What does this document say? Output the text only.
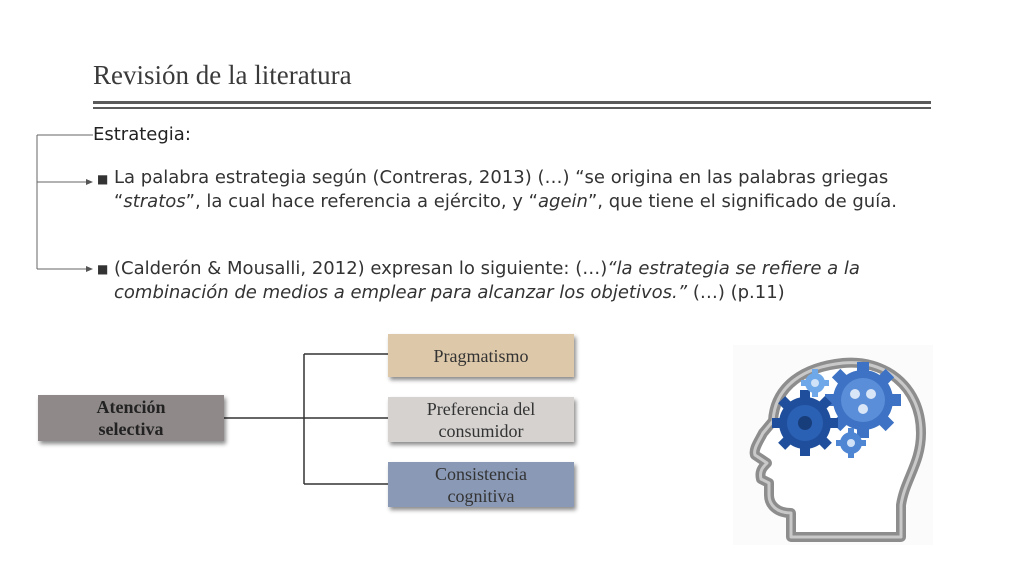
Revisión de la literatura
Estrategia:
■ La palabra estrategia según (Contreras, 2013) (…) “se origina en las palabras griegas “stratos”, la cual hace referencia a ejército, y “agein”, que tiene el significado de guía.
■ (Calderón & Mousalli, 2012) expresan lo siguiente: (…)“la estrategia se refiere a la combinación de medios a emplear para alcanzar los objetivos.” (…) (p.11)
Atención
selectiva
Pragmatismo
Preferencia del
consumidor
Consistencia
cognitiva
